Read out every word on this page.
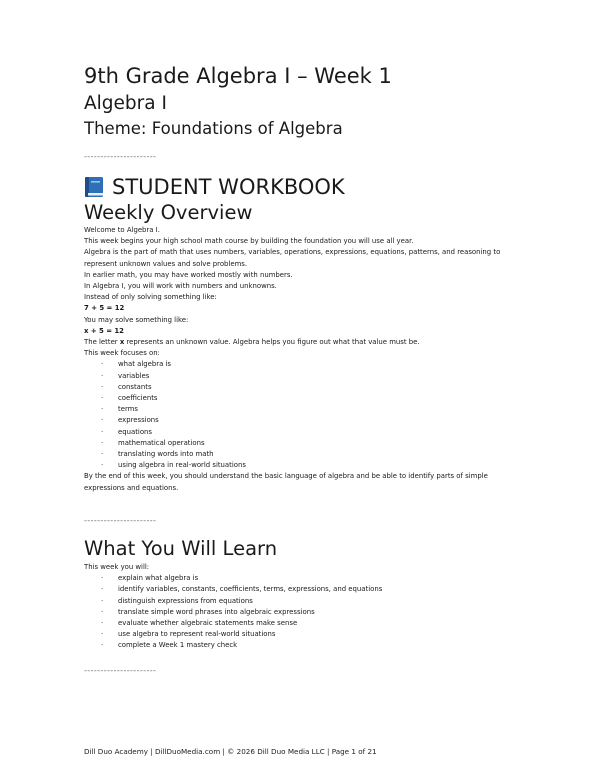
9th Grade Algebra I – Week 1
Algebra I
Theme: Foundations of Algebra
----------------------
STUDENT WORKBOOK
Weekly Overview
Welcome to Algebra I.
This week begins your high school math course by building the foundation you will use all year.
Algebra is the part of math that uses numbers, variables, operations, expressions, equations, patterns, and reasoning to represent unknown values and solve problems.
In earlier math, you may have worked mostly with numbers.
In Algebra I, you will work with numbers and unknowns.
Instead of only solving something like:
7 + 5 = 12
You may solve something like:
x + 5 = 12
The letter x represents an unknown value. Algebra helps you figure out what that value must be.
This week focuses on:
· what algebra is
· variables
· constants
· coefficients
· terms
· expressions
· equations
· mathematical operations
· translating words into math
· using algebra in real-world situations
By the end of this week, you should understand the basic language of algebra and be able to identify parts of simple expressions and equations.
----------------------
What You Will Learn
This week you will:
· explain what algebra is
· identify variables, constants, coefficients, terms, expressions, and equations
· distinguish expressions from equations
· translate simple word phrases into algebraic expressions
· evaluate whether algebraic statements make sense
· use algebra to represent real-world situations
· complete a Week 1 mastery check
----------------------
Dill Duo Academy | DillDuoMedia.com | © 2026 Dill Duo Media LLC | Page 1 of 21
